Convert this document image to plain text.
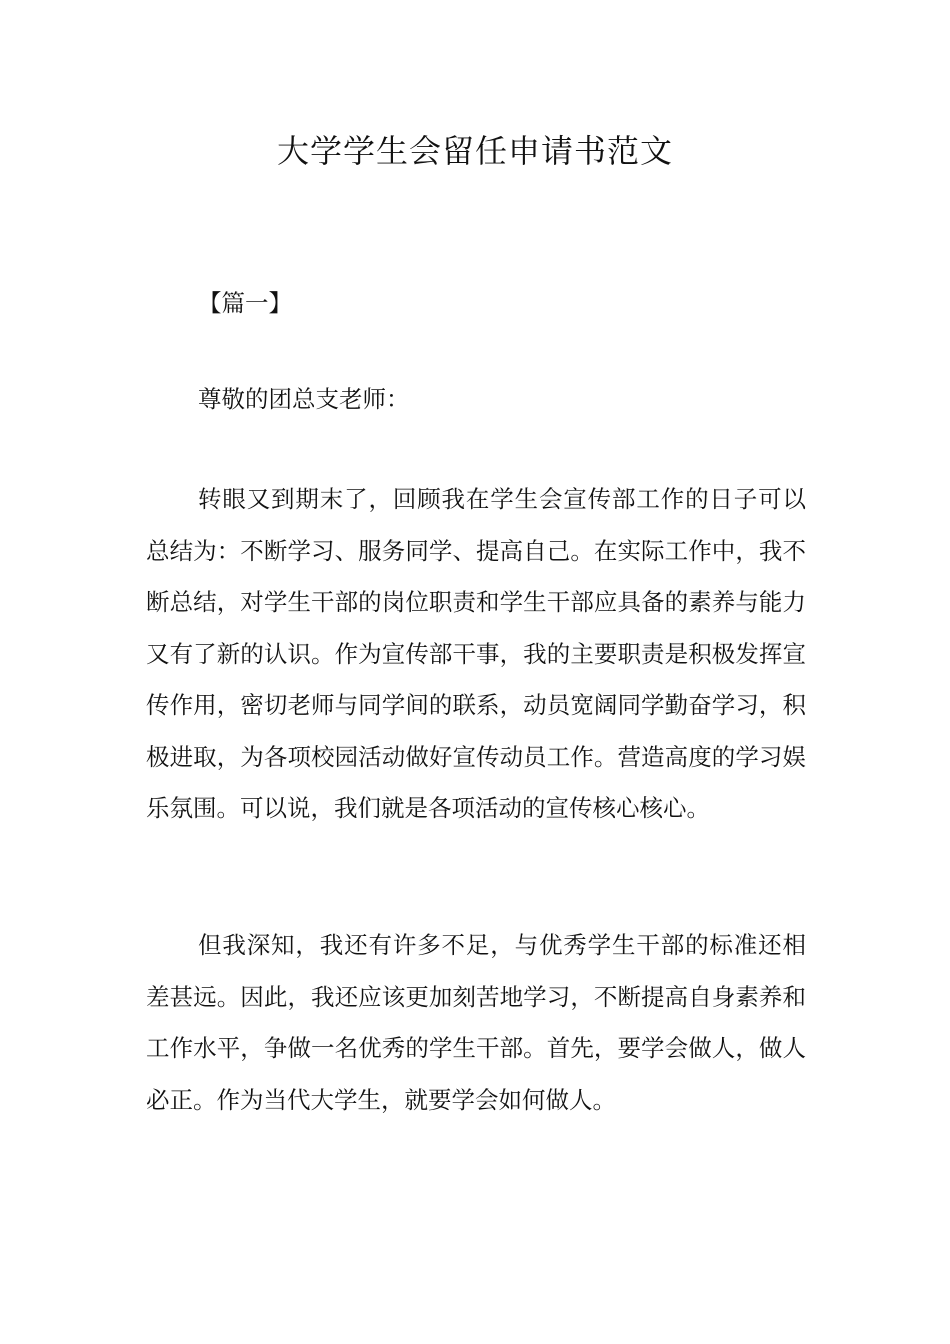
大学学生会留任申请书范文

【篇一】

尊敬的团总支老师：

转眼又到期末了，回顾我在学生会宣传部工作的日子可以总结为：不断学习、服务同学、提高自己。在实际工作中，我不断总结，对学生干部的岗位职责和学生干部应具备的素养与能力又有了新的认识。作为宣传部干事，我的主要职责是积极发挥宣传作用，密切老师与同学间的联系，动员宽阔同学勤奋学习，积极进取，为各项校园活动做好宣传动员工作。营造高度的学习娱乐氛围。可以说，我们就是各项活动的宣传核心核心。

但我深知，我还有许多不足，与优秀学生干部的标准还相差甚远。因此，我还应该更加刻苦地学习，不断提高自身素养和工作水平，争做一名优秀的学生干部。首先，要学会做人，做人必正。作为当代大学生，就要学会如何做人。
